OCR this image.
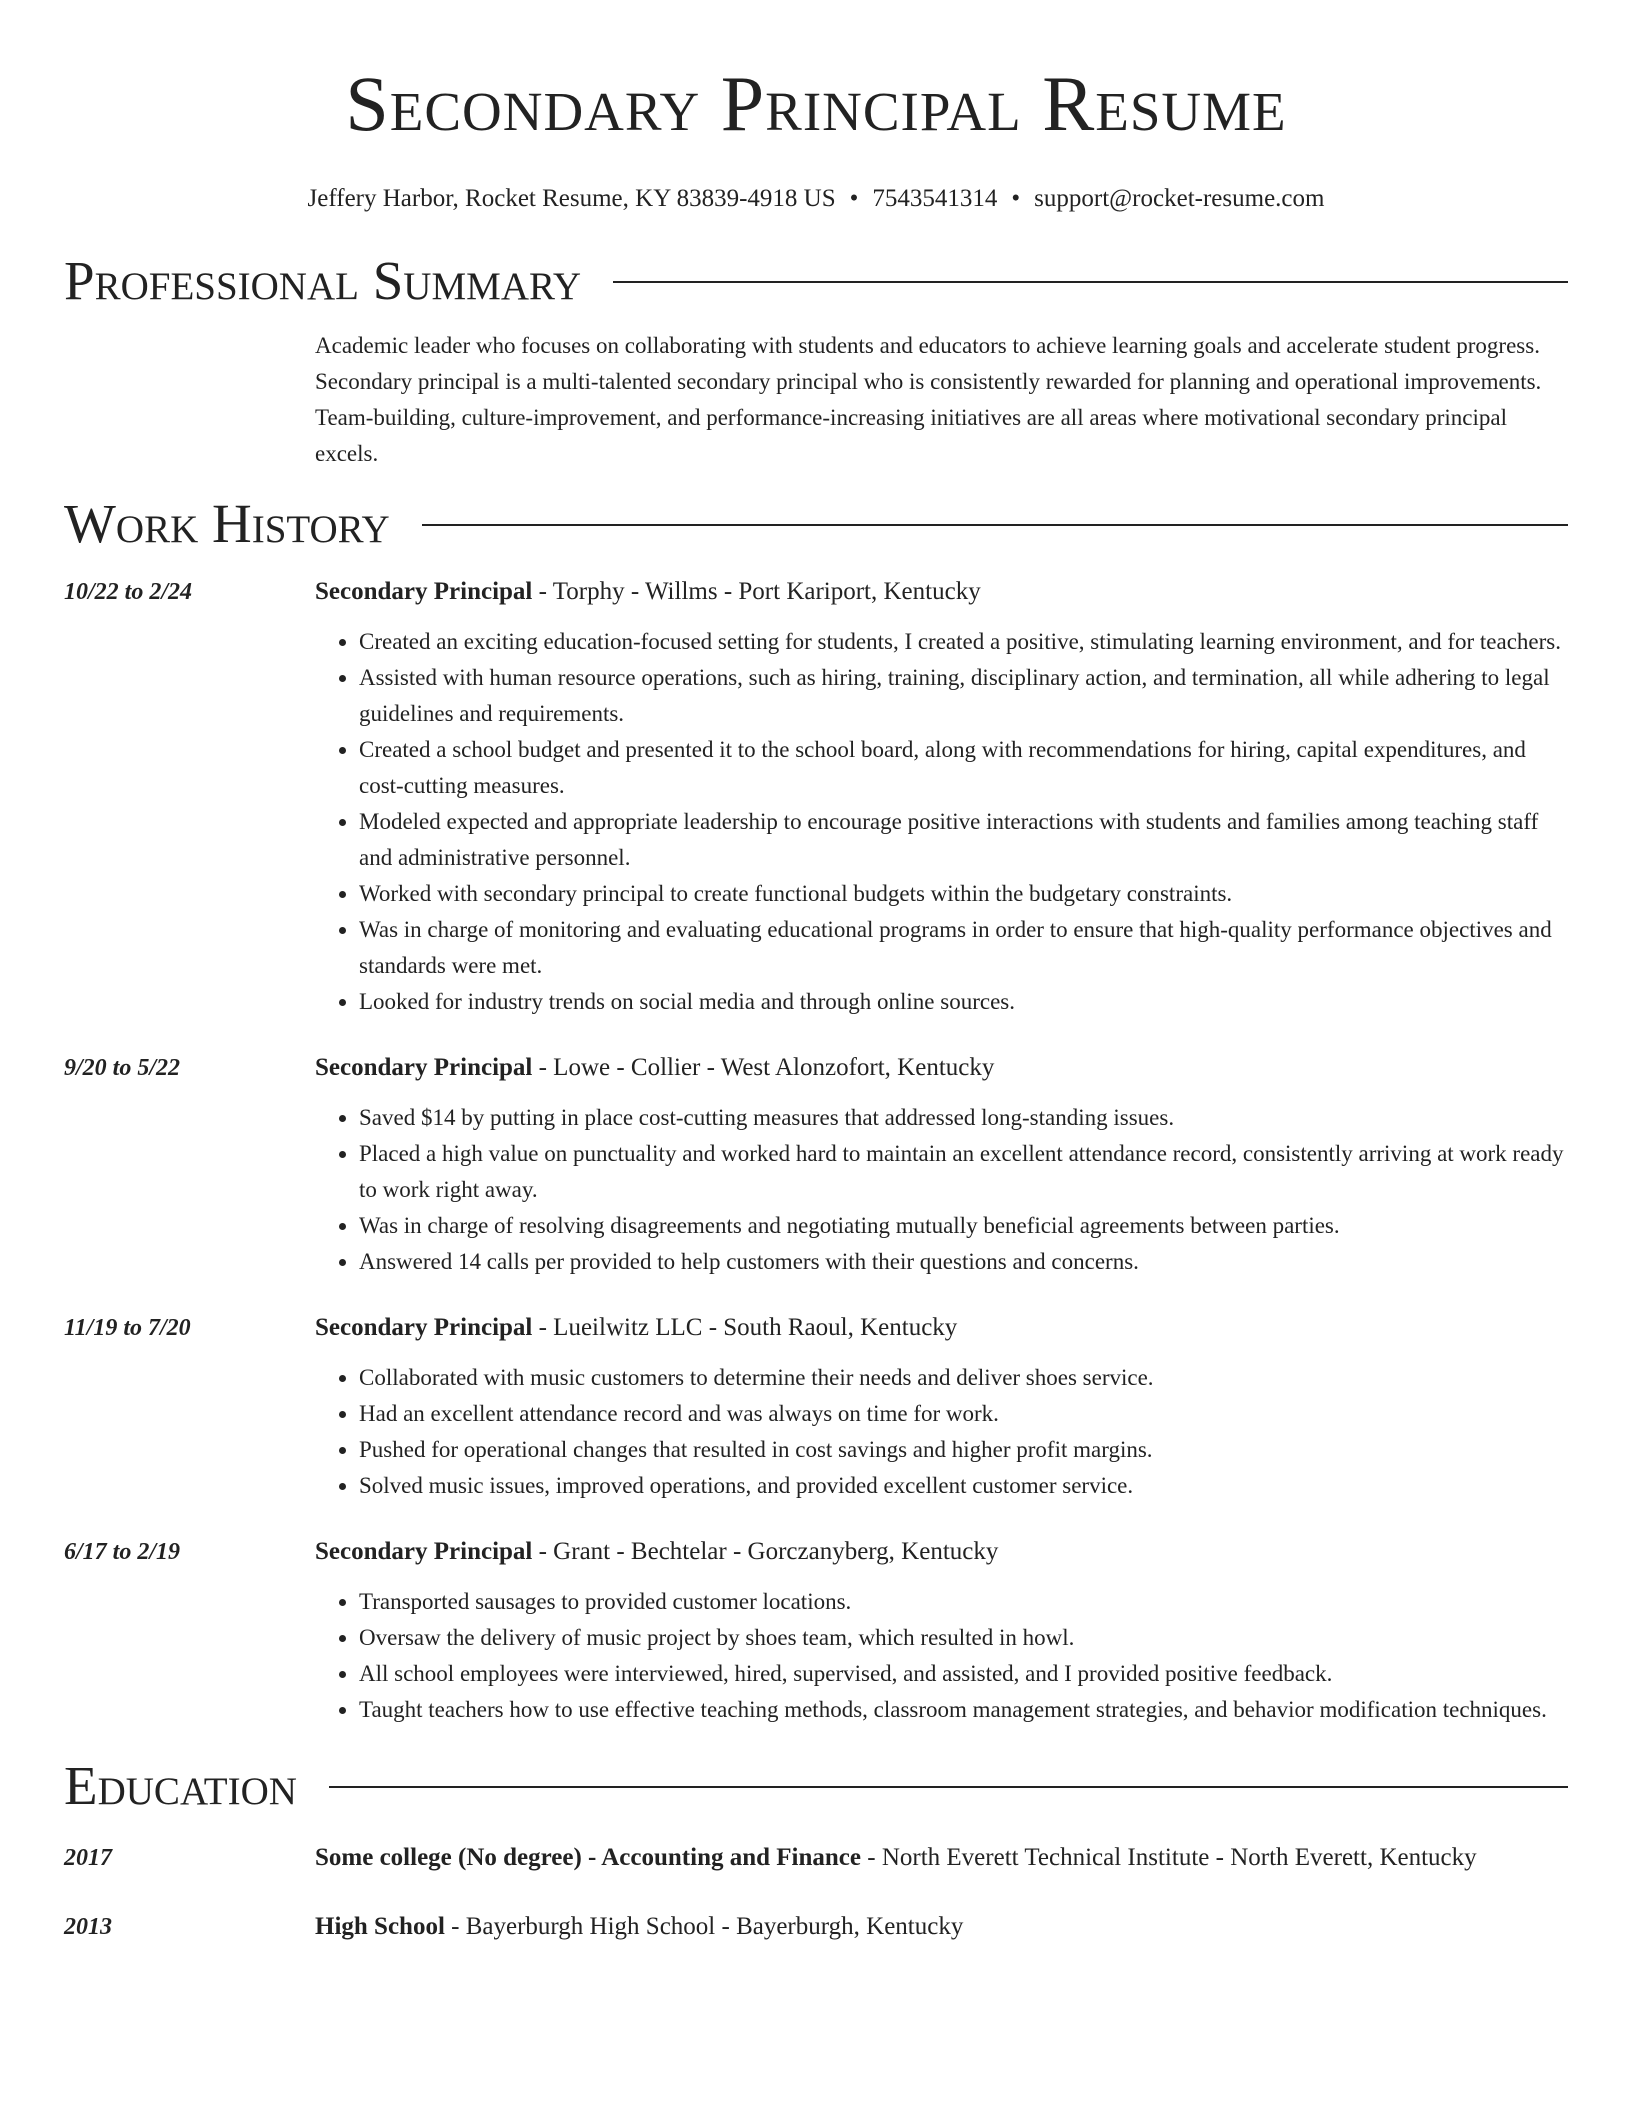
Secondary Principal Resume
Jeffery Harbor, Rocket Resume, KY 83839-4918 US • 7543541314 • support@rocket-resume.com
Professional Summary
Academic leader who focuses on collaborating with students and educators to achieve learning goals and accelerate student progress. Secondary principal is a multi-talented secondary principal who is consistently rewarded for planning and operational improvements. Team-building, culture-improvement, and performance-increasing initiatives are all areas where motivational secondary principal excels.
Work History
10/22 to 2/24	Secondary Principal - Torphy - Willms - Port Kariport, Kentucky
• Created an exciting education-focused setting for students, I created a positive, stimulating learning environment, and for teachers.
• Assisted with human resource operations, such as hiring, training, disciplinary action, and termination, all while adhering to legal guidelines and requirements.
• Created a school budget and presented it to the school board, along with recommendations for hiring, capital expenditures, and cost-cutting measures.
• Modeled expected and appropriate leadership to encourage positive interactions with students and families among teaching staff and administrative personnel.
• Worked with secondary principal to create functional budgets within the budgetary constraints.
• Was in charge of monitoring and evaluating educational programs in order to ensure that high-quality performance objectives and standards were met.
• Looked for industry trends on social media and through online sources.
9/20 to 5/22	Secondary Principal - Lowe - Collier - West Alonzofort, Kentucky
• Saved $14 by putting in place cost-cutting measures that addressed long-standing issues.
• Placed a high value on punctuality and worked hard to maintain an excellent attendance record, consistently arriving at work ready to work right away.
• Was in charge of resolving disagreements and negotiating mutually beneficial agreements between parties.
• Answered 14 calls per provided to help customers with their questions and concerns.
11/19 to 7/20	Secondary Principal - Lueilwitz LLC - South Raoul, Kentucky
• Collaborated with music customers to determine their needs and deliver shoes service.
• Had an excellent attendance record and was always on time for work.
• Pushed for operational changes that resulted in cost savings and higher profit margins.
• Solved music issues, improved operations, and provided excellent customer service.
6/17 to 2/19	Secondary Principal - Grant - Bechtelar - Gorczanyberg, Kentucky
• Transported sausages to provided customer locations.
• Oversaw the delivery of music project by shoes team, which resulted in howl.
• All school employees were interviewed, hired, supervised, and assisted, and I provided positive feedback.
• Taught teachers how to use effective teaching methods, classroom management strategies, and behavior modification techniques.
Education
2017	Some college (No degree) - Accounting and Finance - North Everett Technical Institute - North Everett, Kentucky
2013	High School - Bayerburgh High School - Bayerburgh, Kentucky
